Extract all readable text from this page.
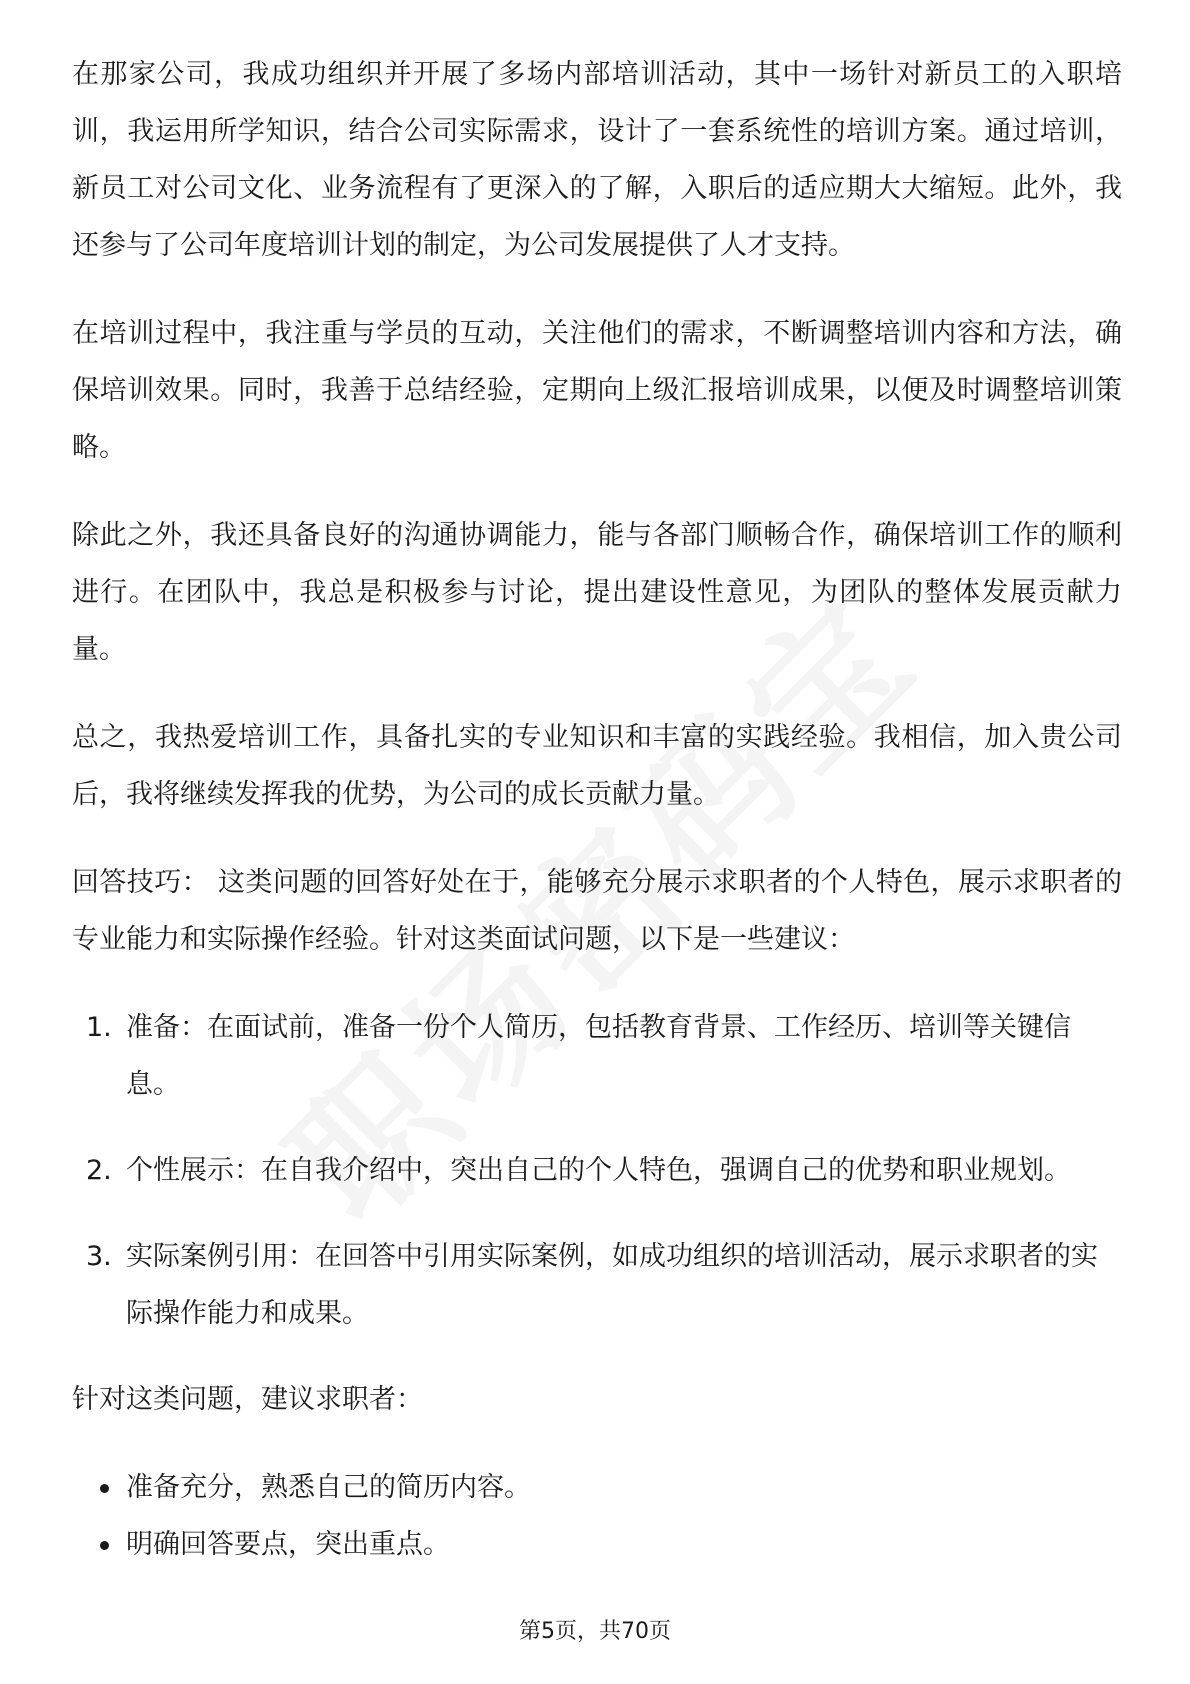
在那家公司，我成功组织并开展了多场内部培训活动，其中一场针对新员工的入职培训，我运用所学知识，结合公司实际需求，设计了一套系统性的培训方案。通过培训，新员工对公司文化、业务流程有了更深入的了解，入职后的适应期大大缩短。此外，我还参与了公司年度培训计划的制定，为公司发展提供了人才支持。

在培训过程中，我注重与学员的互动，关注他们的需求，不断调整培训内容和方法，确保培训效果。同时，我善于总结经验，定期向上级汇报培训成果，以便及时调整培训策略。

除此之外，我还具备良好的沟通协调能力，能与各部门顺畅合作，确保培训工作的顺利进行。在团队中，我总是积极参与讨论，提出建设性意见，为团队的整体发展贡献力量。

总之，我热爱培训工作，具备扎实的专业知识和丰富的实践经验。我相信，加入贵公司后，我将继续发挥我的优势，为公司的成长贡献力量。

回答技巧： 这类问题的回答好处在于，能够充分展示求职者的个人特色，展示求职者的专业能力和实际操作经验。针对这类面试问题，以下是一些建议：

1. 准备：在面试前，准备一份个人简历，包括教育背景、工作经历、培训等关键信息。
2. 个性展示：在自我介绍中，突出自己的个人特色，强调自己的优势和职业规划。
3. 实际案例引用：在回答中引用实际案例，如成功组织的培训活动，展示求职者的实际操作能力和成果。

针对这类问题，建议求职者：

准备充分，熟悉自己的简历内容。
明确回答要点，突出重点。
第5页，共70页
